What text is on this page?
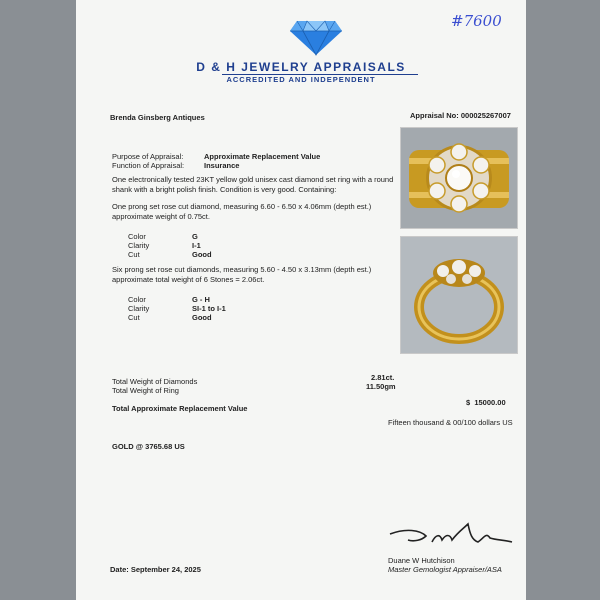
#7600
D & H JEWELRY APPRAISALS
ACCREDITED AND INDEPENDENT
Brenda Ginsberg Antiques	Appraisal No: 000025267007
Purpose of Appraisal:	Approximate Replacement Value
Function of Appraisal:	Insurance
One electronically tested 23KT yellow gold unisex cast diamond set ring with a round shank with a bright polish finish. Condition is very good. Containing:
One prong set rose cut diamond, measuring 6.60 - 6.50 x 4.06mm (depth est.) approximate weight of 0.75ct.
Color	G
Clarity	I-1
Cut	Good
Six prong set rose cut diamonds, measuring 5.60 - 4.50 x 3.13mm (depth est.) approximate total weight of 6 Stones = 2.06ct.
Color	G - H
Clarity	SI-1 to I-1
Cut	Good
Total Weight of Diamonds	2.81ct.
Total Weight of Ring	11.50gm
Total Approximate Replacement Value
$ 15000.00
Fifteen thousand & 00/100 dollars US
GOLD @ 3765.68 US
Duane W Hutchison
Master Gemologist Appraiser/ASA
Date: September 24, 2025
